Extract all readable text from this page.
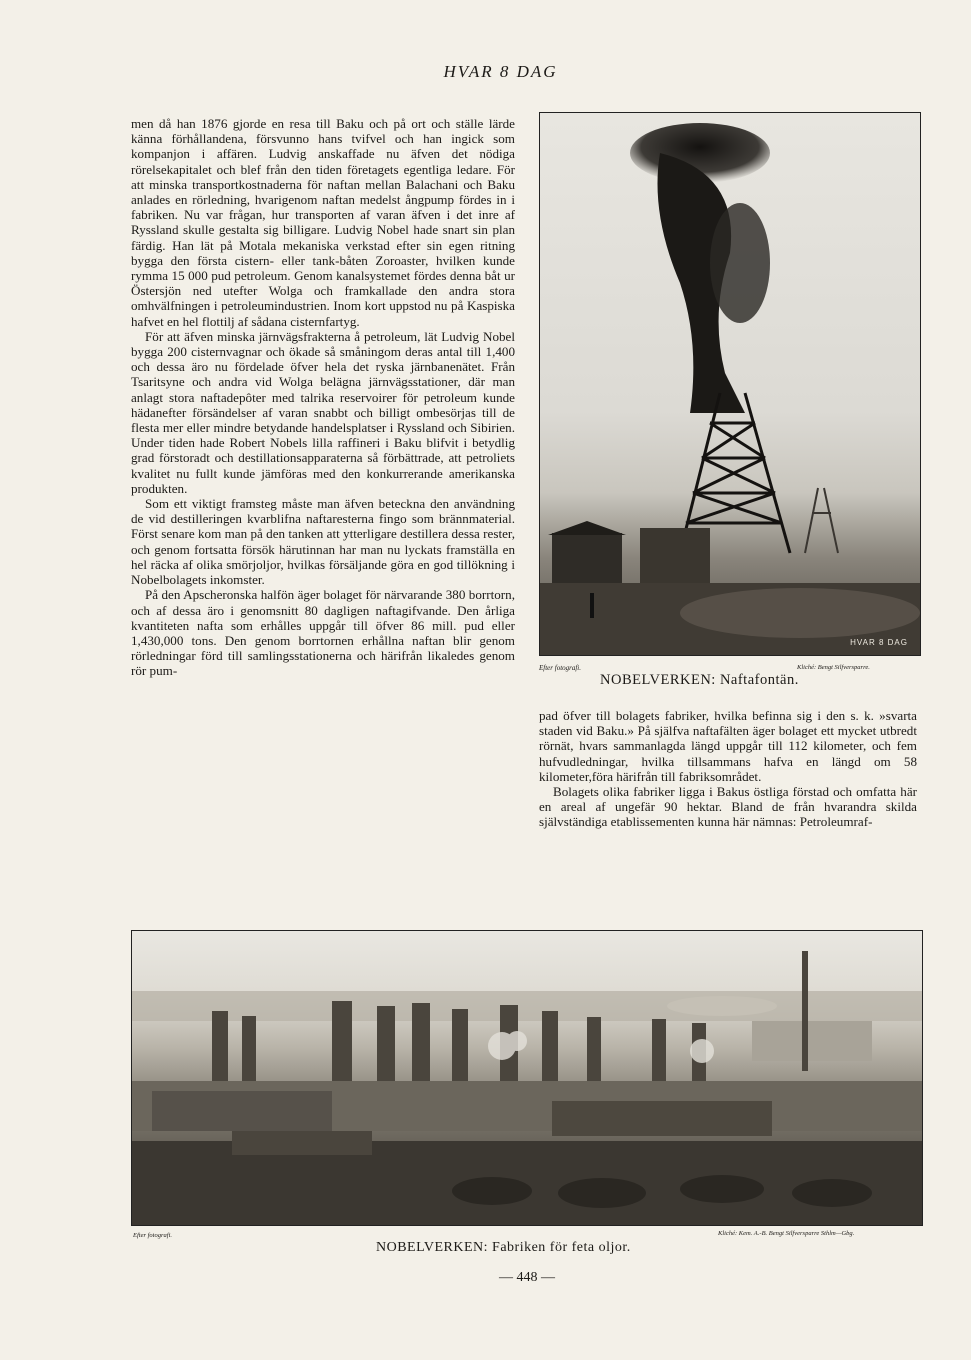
HVAR 8 DAG

men då han 1876 gjorde en resa till Baku och på ort och ställe lärde känna förhållandena, försvunno hans tvifvel och han ingick som kompanjon i affären. Ludvig anskaffade nu äfven det nödiga rörelsekapitalet och blef från den tiden företagets egentliga ledare. För att minska transportkostnaderna för naftan mellan Balachani och Baku anlades en rörledning, hvarigenom naftan medelst ångpump fördes in i fabriken. Nu var frågan, hur transporten af varan äfven i det inre af Ryssland skulle gestalta sig billigare. Ludvig Nobel hade snart sin plan färdig. Han lät på Motala mekaniska verkstad efter sin egen ritning bygga den första cistern- eller tank-båten Zoroaster, hvilken kunde rymma 15 000 pud petroleum. Genom kanalsystemet fördes denna båt ur Östersjön ned utefter Wolga och framkallade den andra stora omhvälfningen i petroleumindustrien. Inom kort uppstod nu på Kaspiska hafvet en hel flottilj af sådana cisternfartyg.

För att äfven minska järnvägsfrakterna å petroleum, lät Ludvig Nobel bygga 200 cisternvagnar och ökade så småningom deras antal till 1,400 och dessa äro nu fördelade öfver hela det ryska järnbanenätet. Från Tsaritsyne och andra vid Wolga belägna järnvägsstationer, där man anlagt stora naftadepôter med talrika reservoirer för petroleum kunde hädanefter försändelser af varan snabbt och billigt ombesörjas till de flesta mer eller mindre betydande handelsplatser i Ryssland och Sibirien. Under tiden hade Robert Nobels lilla raffineri i Baku blifvit i betydlig grad förstoradt och destillationsapparaterna så förbättrade, att petroliets kvalitet nu fullt kunde jämföras med den konkurrerande amerikanska produkten.

Som ett viktigt framsteg måste man äfven beteckna den användning de vid destilleringen kvarblifna naftaresterna fingo som brännmaterial. Först senare kom man på den tanken att ytterligare destillera dessa rester, och genom fortsatta försök härutinnan har man nu lyckats framställa en hel räcka af olika smörjoljor, hvilkas försäljande göra en god tillökning i Nobelbolagets inkomster.

På den Apscheronska halfön äger bolaget för närvarande 380 borrtorn, och af dessa äro i genomsnitt 80 dagligen naftagifvande. Den årliga kvantiteten nafta som erhålles uppgår till öfver 86 mill. pud eller 1,430,000 tons. Den genom borrtornen erhållna naftan blir genom rörledningar förd till samlingsstationerna och härifrån likaledes genom rör pum-

HVAR 8 DAG
Efter fotografi.	Kliché: Bengt Silfversparre.
NOBELVERKEN: Naftafontän.

pad öfver till bolagets fabriker, hvilka befinna sig i den s. k. »svarta staden vid Baku.» På själfva naftafälten äger bolaget ett mycket utbredt rörnät, hvars sammanlagda längd uppgår till 112 kilometer, och fem hufvudledningar, hvilka tillsammans hafva en längd om 58 kilometer,föra härifrån till fabriksområdet.

Bolagets olika fabriker ligga i Bakus östliga förstad och omfatta här en areal af ungefär 90 hektar. Bland de från hvarandra skilda självständiga etablissementen kunna här nämnas: Petroleumraf-

Efter fotografi.	Kliché: Kem. A.-B. Bengt Silfversparre Sthlm—Gbg.
NOBELVERKEN: Fabriken för feta oljor.
— 448 —
